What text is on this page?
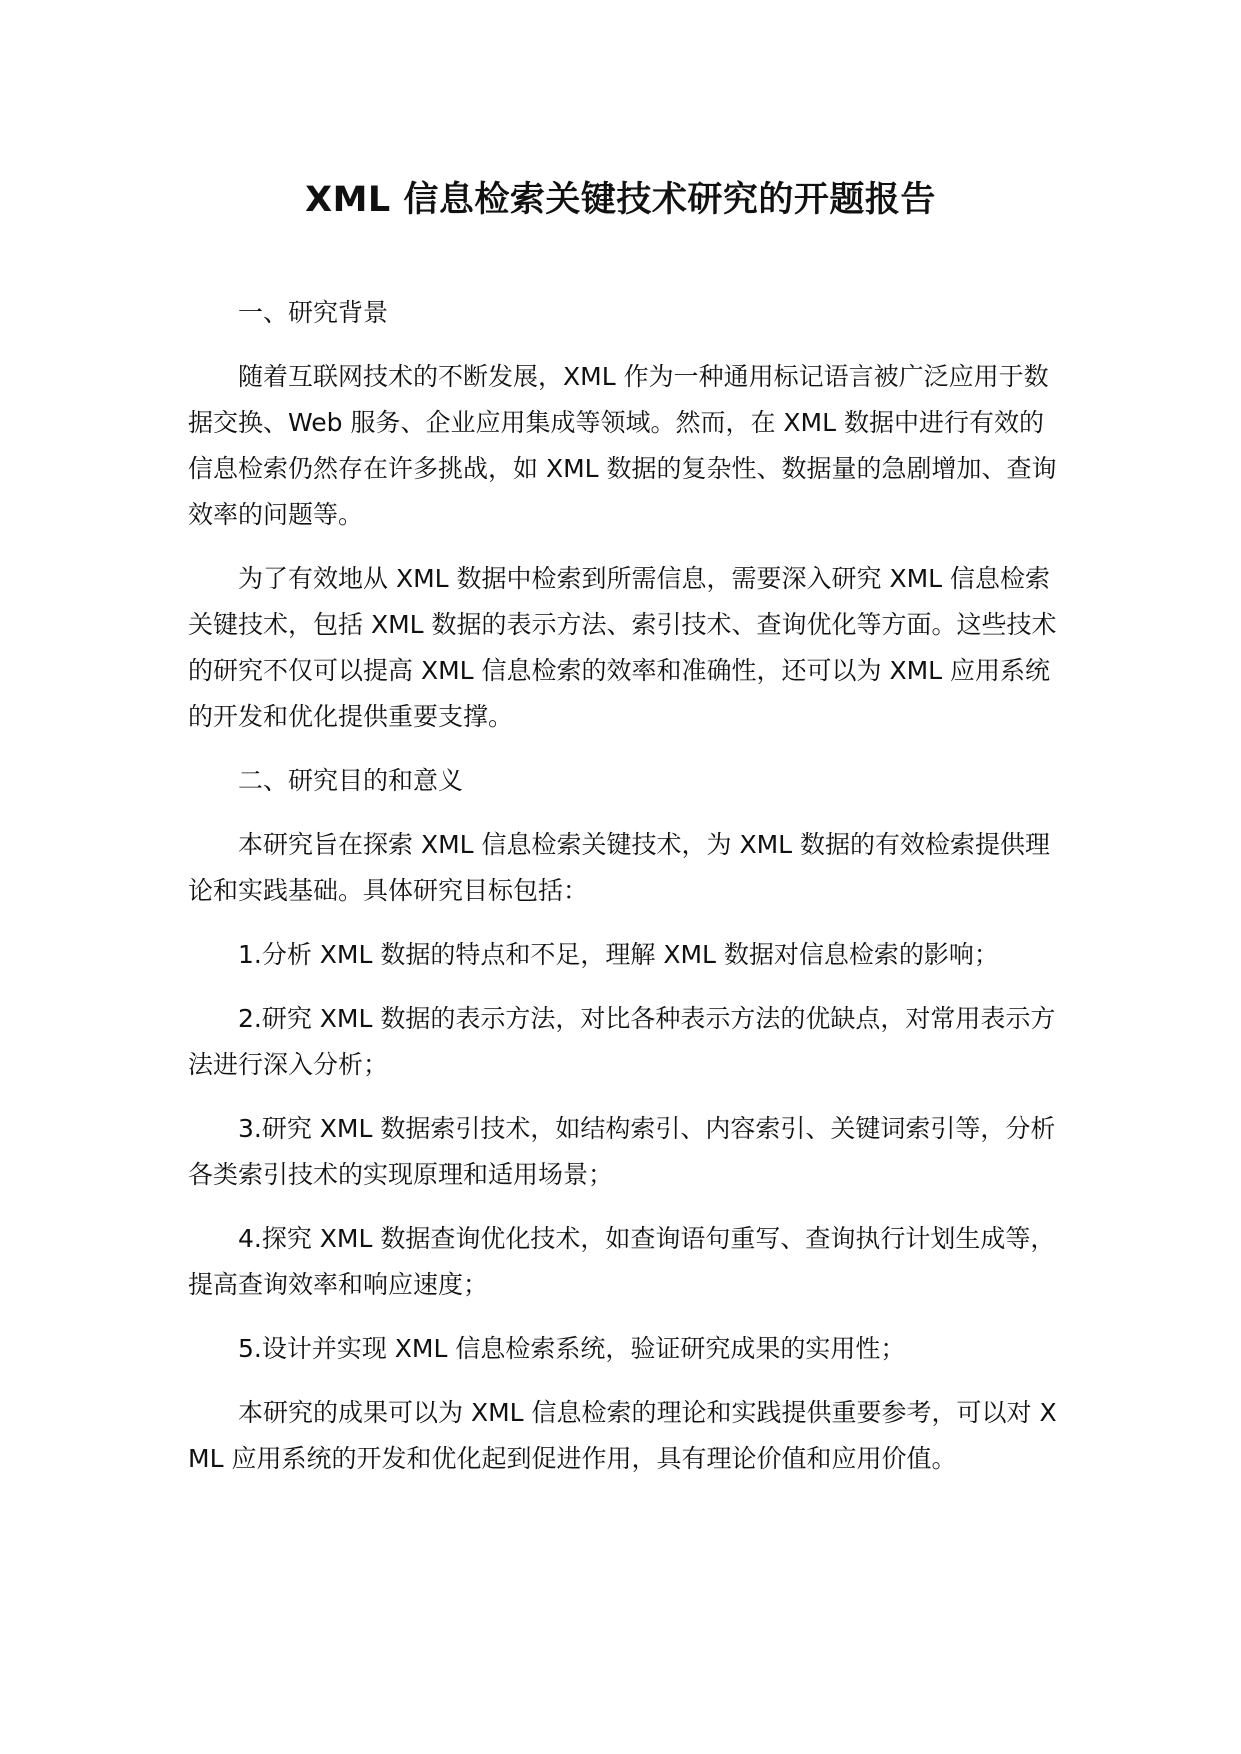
XML 信息检索关键技术研究的开题报告

一、研究背景

随着互联网技术的不断发展，XML 作为一种通用标记语言被广泛应用于数据交换、Web 服务、企业应用集成等领域。然而，在 XML 数据中进行有效的信息检索仍然存在许多挑战，如 XML 数据的复杂性、数据量的急剧增加、查询效率的问题等。

为了有效地从 XML 数据中检索到所需信息，需要深入研究 XML 信息检索关键技术，包括 XML 数据的表示方法、索引技术、查询优化等方面。这些技术的研究不仅可以提高 XML 信息检索的效率和准确性，还可以为 XML 应用系统的开发和优化提供重要支撑。

二、研究目的和意义

本研究旨在探索 XML 信息检索关键技术，为 XML 数据的有效检索提供理论和实践基础。具体研究目标包括：

1.分析 XML 数据的特点和不足，理解 XML 数据对信息检索的影响；

2.研究 XML 数据的表示方法，对比各种表示方法的优缺点，对常用表示方法进行深入分析；

3.研究 XML 数据索引技术，如结构索引、内容索引、关键词索引等，分析各类索引技术的实现原理和适用场景；

4.探究 XML 数据查询优化技术，如查询语句重写、查询执行计划生成等，提高查询效率和响应速度；

5.设计并实现 XML 信息检索系统，验证研究成果的实用性；

本研究的成果可以为 XML 信息检索的理论和实践提供重要参考，可以对 XML 应用系统的开发和优化起到促进作用，具有理论价值和应用价值。
